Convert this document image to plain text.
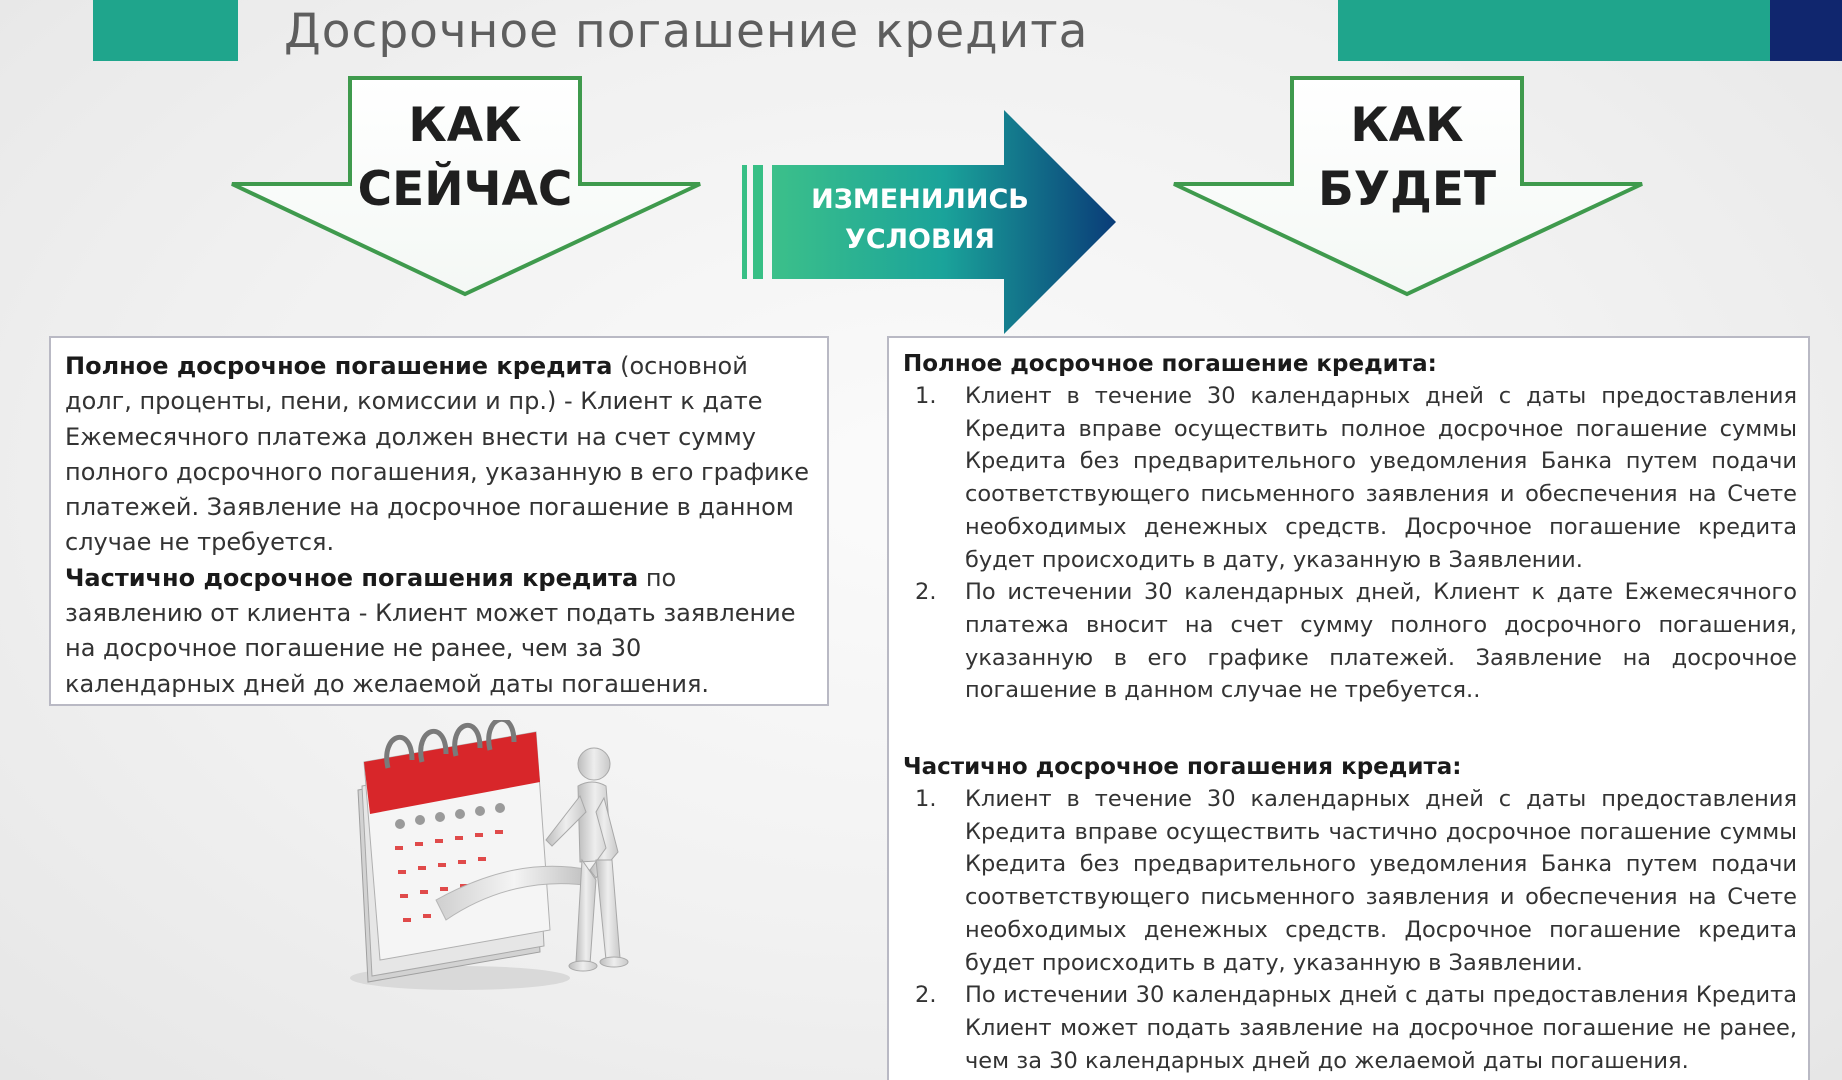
Досрочное погашение кредита
КАК
СЕЙЧАС
КАК
БУДЕТ
ИЗМЕНИЛИСЬ
УСЛОВИЯ

Полное досрочное погашение кредита (основной долг, проценты, пени, комиссии и пр.) - Клиент к дате Ежемесячного платежа должен внести на счет сумму полного досрочного погашения, указанную в его графике платежей. Заявление на досрочное погашение в данном случае не требуется.

Частично досрочное погашения кредита по заявлению от клиента - Клиент может подать заявление на досрочное погашение не ранее, чем за 30 календарных дней до желаемой даты погашения.

Полное досрочное погашение кредита:

1.	Клиент в течение 30 календарных дней с даты предоставления Кредита вправе осуществить полное досрочное погашение суммы Кредита без предварительного уведомления Банка путем подачи соответствующего письменного заявления и обеспечения на Счете необходимых денежных средств. Досрочное погашение кредита будет происходить в дату, указанную в Заявлении.
2.	По истечении 30 календарных дней, Клиент к дате Ежемесячного платежа вносит на счет сумму полного досрочного погашения, указанную в его графике платежей. Заявление на досрочное погашение в данном случае не требуется..

Частично досрочное погашения кредита:

1.	Клиент в течение 30 календарных дней с даты предоставления Кредита вправе осуществить частично досрочное погашение суммы Кредита без предварительного уведомления Банка путем подачи соответствующего письменного заявления и обеспечения на Счете необходимых денежных средств. Досрочное погашение кредита будет происходить в дату, указанную в Заявлении.
2.	По истечении 30 календарных дней с даты предоставления Кредита Клиент может подать заявление на досрочное погашение не ранее, чем за 30 календарных дней до желаемой даты погашения.
